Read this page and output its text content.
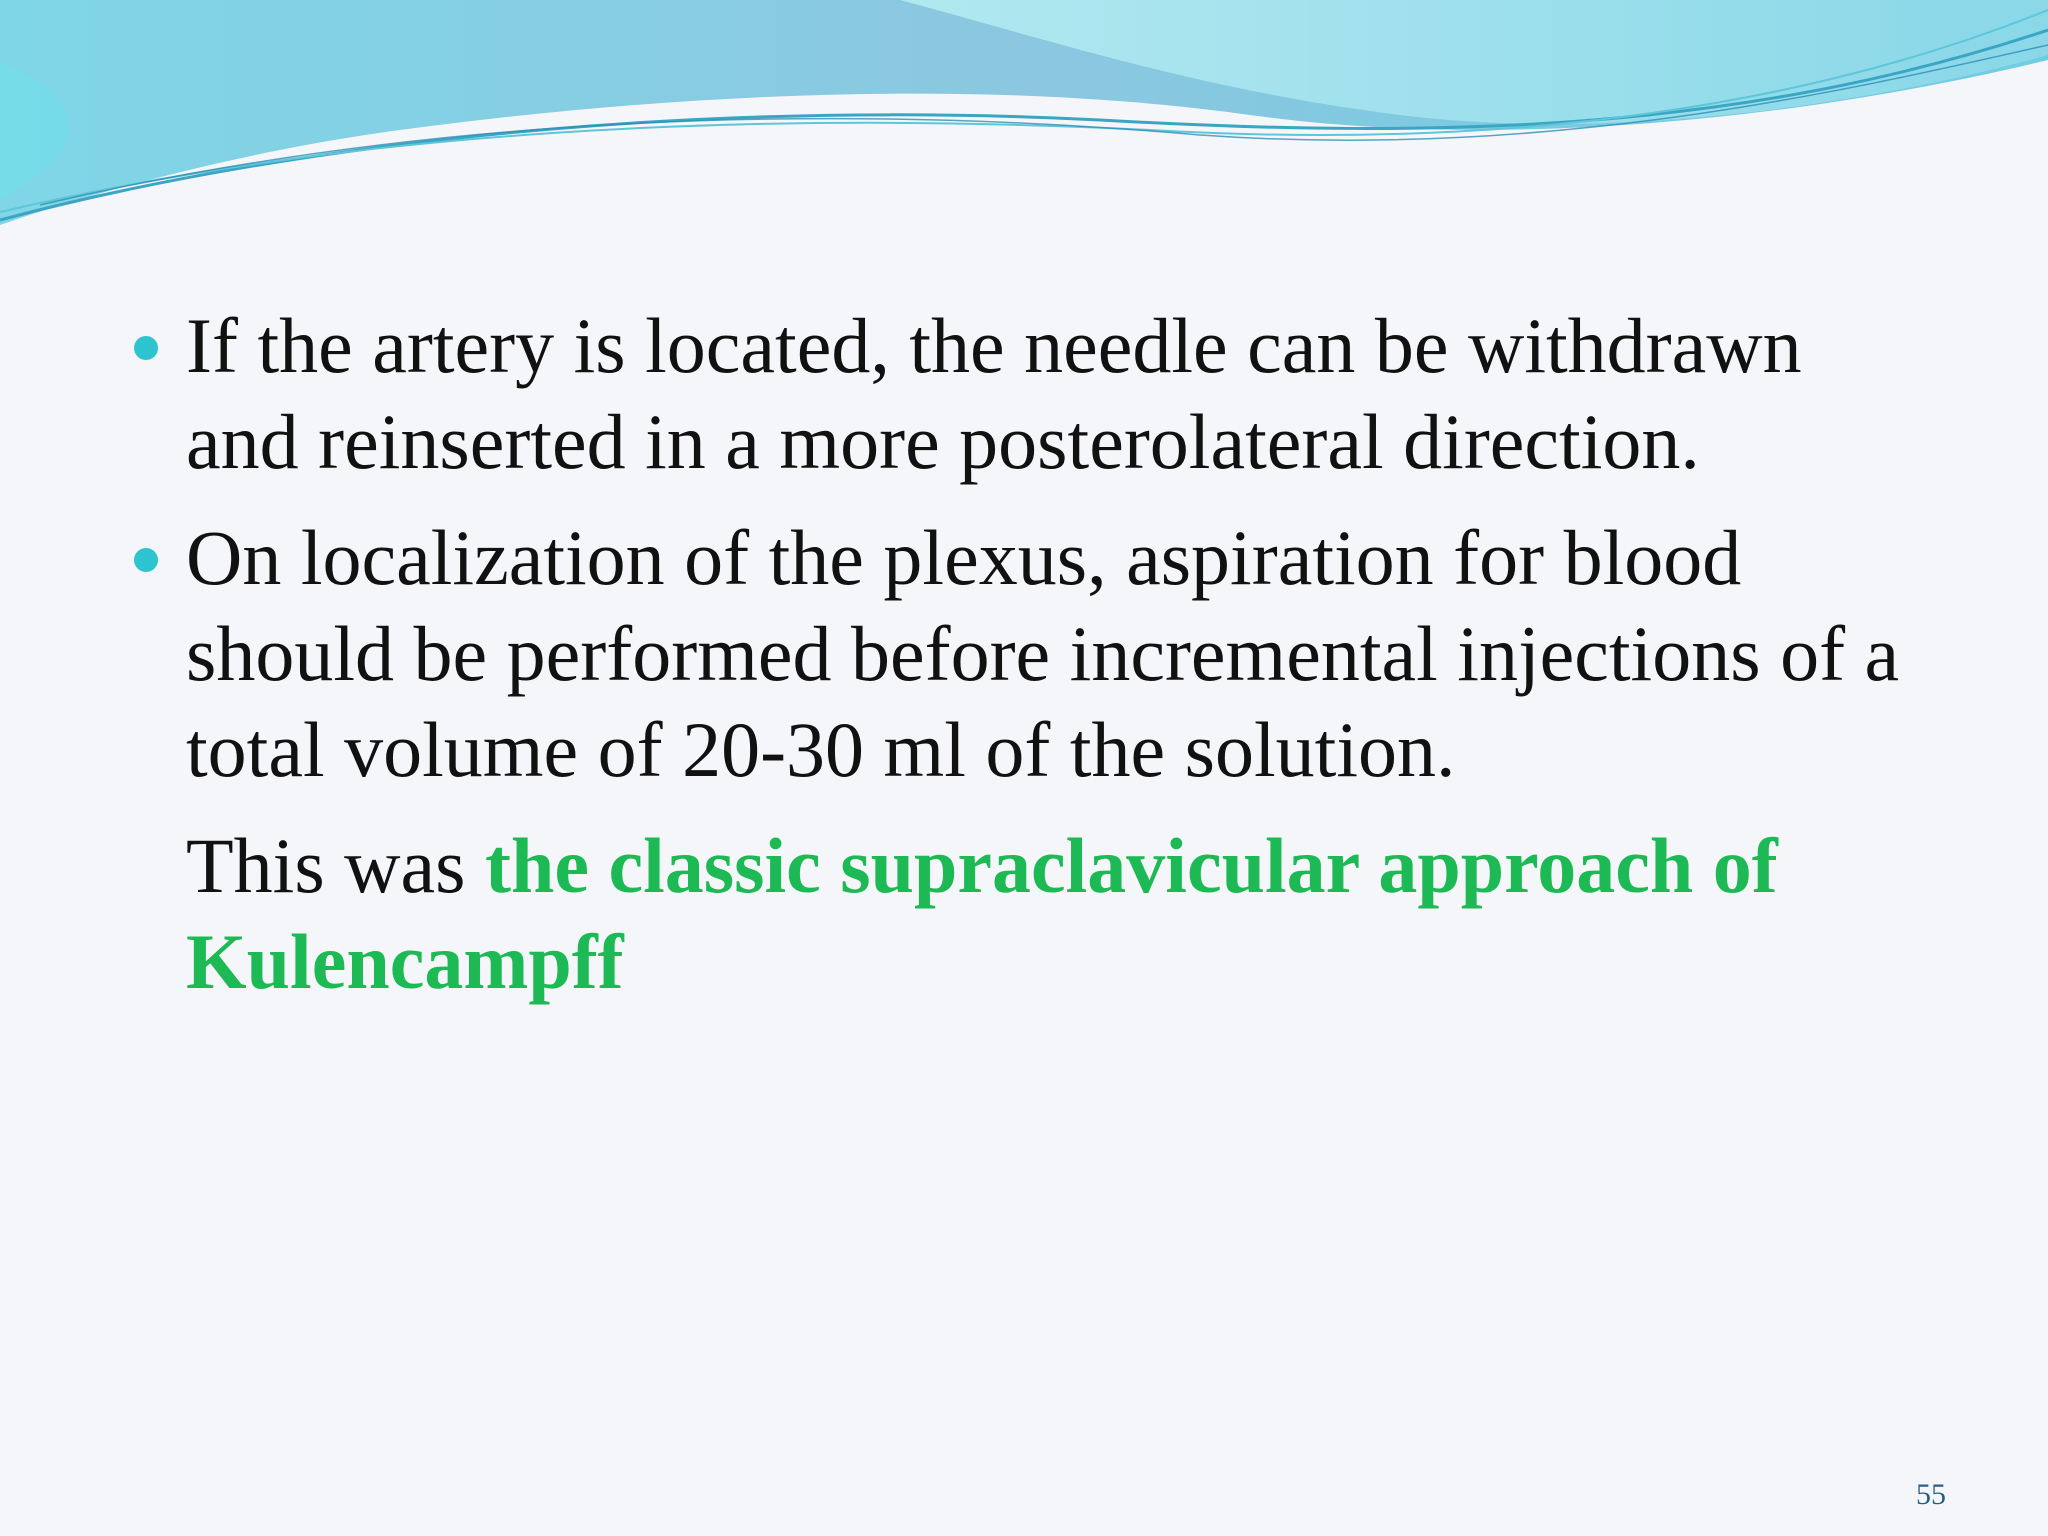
If the artery is located, the needle can be withdrawn and reinserted in a more posterolateral direction.
On localization of the plexus, aspiration for blood should be performed before incremental injections of a total volume of 20-30 ml of the solution.
This was the classic supraclavicular approach of Kulencampff
55
